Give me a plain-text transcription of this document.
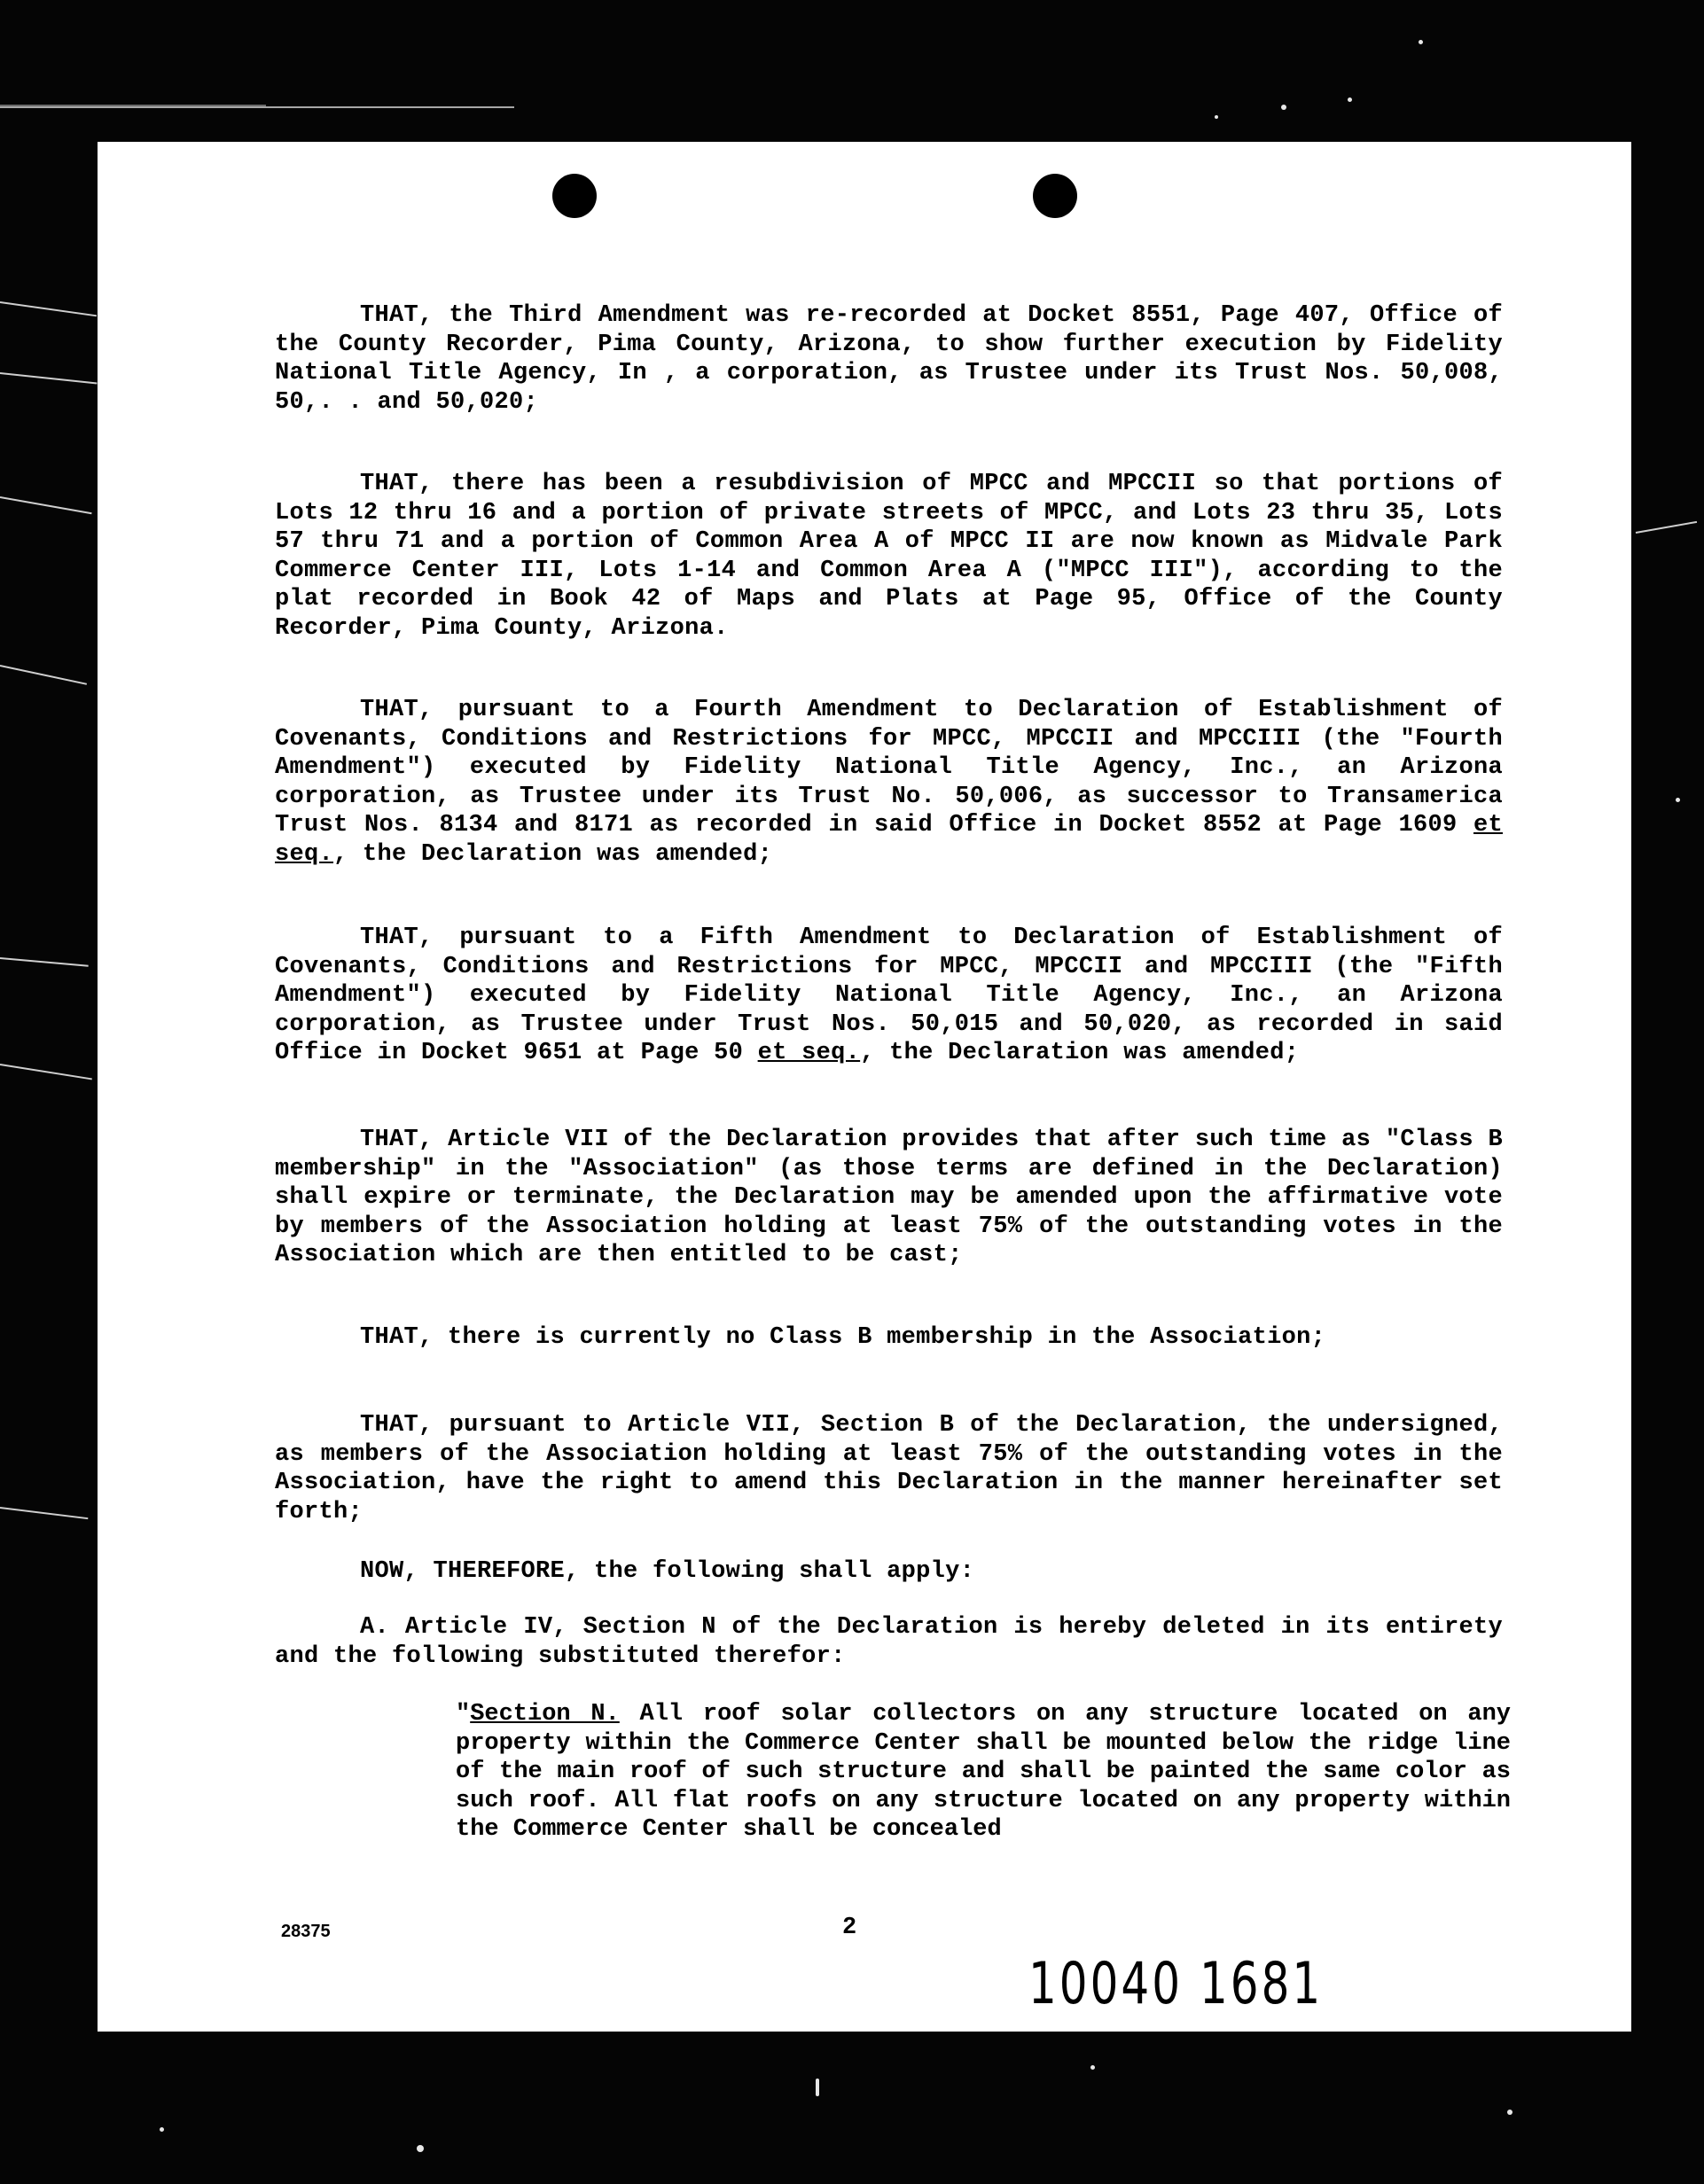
THAT, the Third Amendment was re-recorded at Docket 8551, Page 407, Office of the County Recorder, Pima County, Arizona, to show further execution by Fidelity National Title Agency, In , a corporation, as Trustee under its Trust Nos. 50,008, 50,. . and 50,020;

THAT, there has been a resubdivision of MPCC and MPCCII so that portions of Lots 12 thru 16 and a portion of private streets of MPCC, and Lots 23 thru 35, Lots 57 thru 71 and a portion of Common Area A of MPCC II are now known as Midvale Park Commerce Center III, Lots 1-14 and Common Area A ("MPCC III"), according to the plat recorded in Book 42 of Maps and Plats at Page 95, Office of the County Recorder, Pima County, Arizona.

THAT, pursuant to a Fourth Amendment to Declaration of Establishment of Covenants, Conditions and Restrictions for MPCC, MPCCII and MPCCIII (the "Fourth Amendment") executed by Fidelity National Title Agency, Inc., an Arizona corporation, as Trustee under its Trust No. 50,006, as successor to Transamerica Trust Nos. 8134 and 8171 as recorded in said Office in Docket 8552 at Page 1609 et seq., the Declaration was amended;

THAT, pursuant to a Fifth Amendment to Declaration of Establishment of Covenants, Conditions and Restrictions for MPCC, MPCCII and MPCCIII (the "Fifth Amendment") executed by Fidelity National Title Agency, Inc., an Arizona corporation, as Trustee under Trust Nos. 50,015 and 50,020, as recorded in said Office in Docket 9651 at Page 50 et seq., the Declaration was amended;

THAT, Article VII of the Declaration provides that after such time as "Class B membership" in the "Association" (as those terms are defined in the Declaration) shall expire or terminate, the Declaration may be amended upon the affirmative vote by members of the Association holding at least 75% of the outstanding votes in the Association which are then entitled to be cast;

THAT, there is currently no Class B membership in the Association;

THAT, pursuant to Article VII, Section B of the Declaration, the undersigned, as members of the Association holding at least 75% of the outstanding votes in the Association, have the right to amend this Declaration in the manner hereinafter set forth;

NOW, THEREFORE, the following shall apply:

A. Article IV, Section N of the Declaration is hereby deleted in its entirety and the following substituted therefor:

"Section N. All roof solar collectors on any structure located on any property within the Commerce Center shall be mounted below the ridge line of the main roof of such structure and shall be painted the same color as such roof. All flat roofs on any structure located on any property within the Commerce Center shall be concealed

28375	2
10040 1681
